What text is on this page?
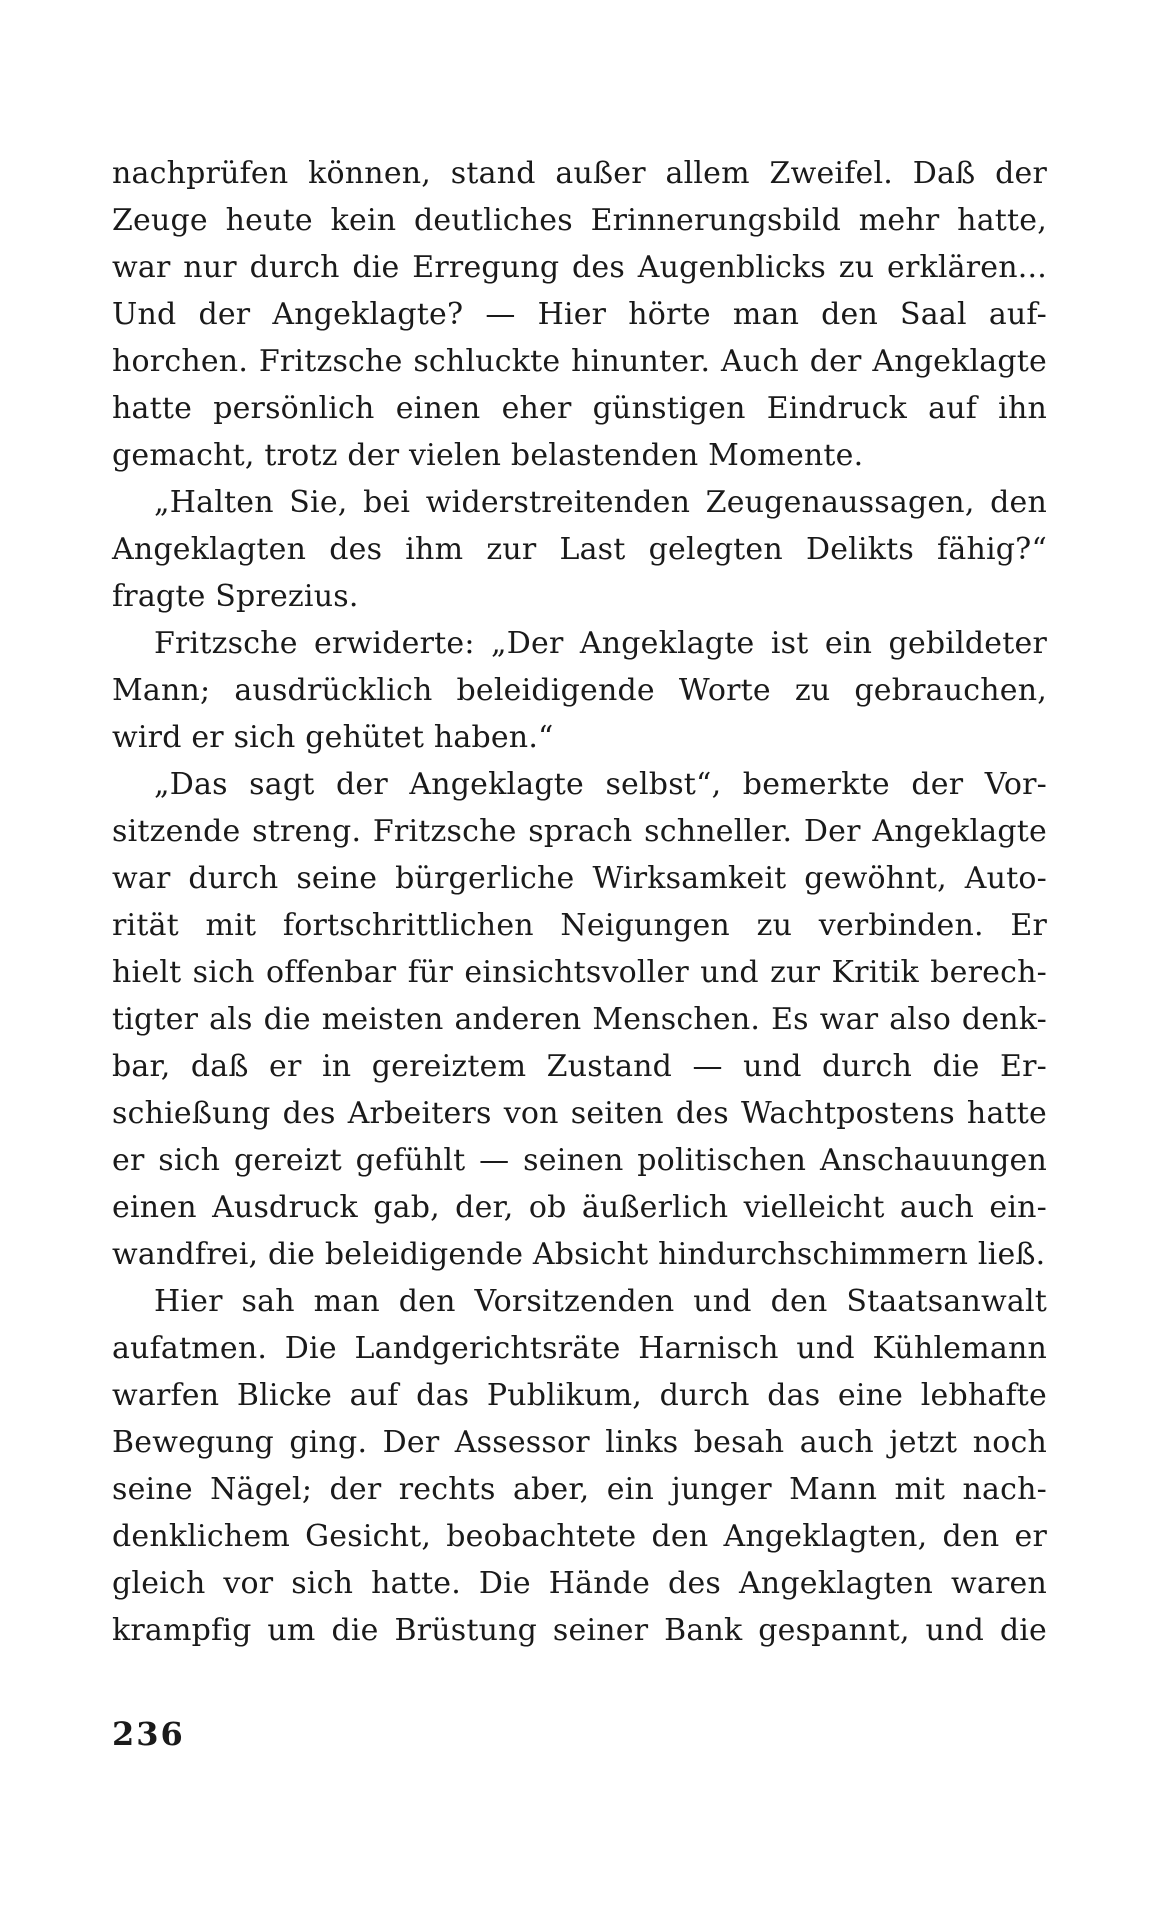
nachprüfen können, stand außer allem Zweifel. Daß der
Zeuge heute kein deutliches Erinnerungsbild mehr hatte,
war nur durch die Erregung des Augenblicks zu erklären...
Und der Angeklagte? — Hier hörte man den Saal auf-
horchen. Fritzsche schluckte hinunter. Auch der Angeklagte
hatte persönlich einen eher günstigen Eindruck auf ihn
gemacht, trotz der vielen belastenden Momente.
„Halten Sie, bei widerstreitenden Zeugenaussagen, den
Angeklagten des ihm zur Last gelegten Delikts fähig?“
fragte Sprezius.
Fritzsche erwiderte: „Der Angeklagte ist ein gebildeter
Mann; ausdrücklich beleidigende Worte zu gebrauchen,
wird er sich gehütet haben.“
„Das sagt der Angeklagte selbst“, bemerkte der Vor-
sitzende streng. Fritzsche sprach schneller. Der Angeklagte
war durch seine bürgerliche Wirksamkeit gewöhnt, Auto-
rität mit fortschrittlichen Neigungen zu verbinden. Er
hielt sich offenbar für einsichtsvoller und zur Kritik berech-
tigter als die meisten anderen Menschen. Es war also denk-
bar, daß er in gereiztem Zustand — und durch die Er-
schießung des Arbeiters von seiten des Wachtpostens hatte
er sich gereizt gefühlt — seinen politischen Anschauungen
einen Ausdruck gab, der, ob äußerlich vielleicht auch ein-
wandfrei, die beleidigende Absicht hindurchschimmern ließ.
Hier sah man den Vorsitzenden und den Staatsanwalt
aufatmen. Die Landgerichtsräte Harnisch und Kühlemann
warfen Blicke auf das Publikum, durch das eine lebhafte
Bewegung ging. Der Assessor links besah auch jetzt noch
seine Nägel; der rechts aber, ein junger Mann mit nach-
denklichem Gesicht, beobachtete den Angeklagten, den er
gleich vor sich hatte. Die Hände des Angeklagten waren
krampfig um die Brüstung seiner Bank gespannt, und die
236
